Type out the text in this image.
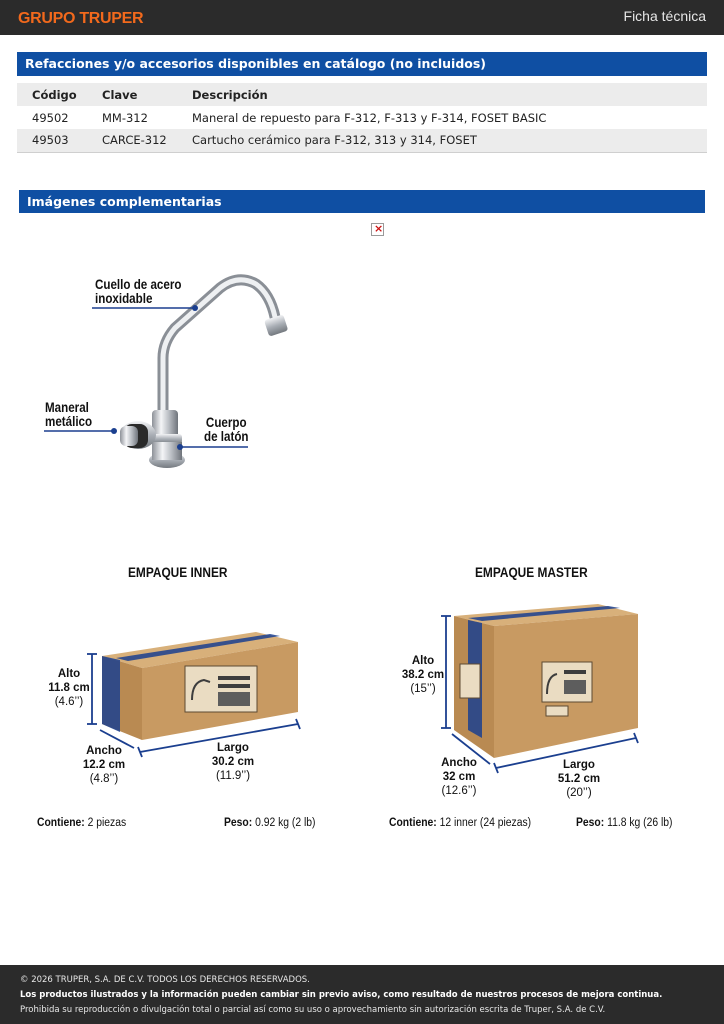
GRUPO TRUPER	Ficha técnica
Refacciones y/o accesorios disponibles en catálogo (no incluidos)
Código	Clave	Descripción
49502	MM-312	Maneral de repuesto para F-312, F-313 y F-314, FOSET BASIC
49503	CARCE-312	Cartucho cerámico para F-312, 313 y 314, FOSET
Imágenes complementarias
×
Cuello de acero
inoxidable
Maneral
metálico	Cuerpo
de latón
EMPAQUE INNER
Alto
11.8 cm
(4.6’’)
Ancho
12.2 cm
(4.8’’)
Largo
30.2 cm
(11.9’’)
Contiene: 2 piezas	Peso: 0.92 kg (2 lb)
EMPAQUE MASTER
Alto
38.2 cm
(15’’)
Ancho
32 cm
(12.6’’)
Largo
51.2 cm
(20’’)
Contiene: 12 inner (24 piezas)	Peso: 11.8 kg (26 lb)
© 2026 TRUPER, S.A. DE C.V. TODOS LOS DERECHOS RESERVADOS.
Los productos ilustrados y la información pueden cambiar sin previo aviso, como resultado de nuestros procesos de mejora continua.
Prohibida su reproducción o divulgación total o parcial así como su uso o aprovechamiento sin autorización escrita de Truper, S.A. de C.V.
